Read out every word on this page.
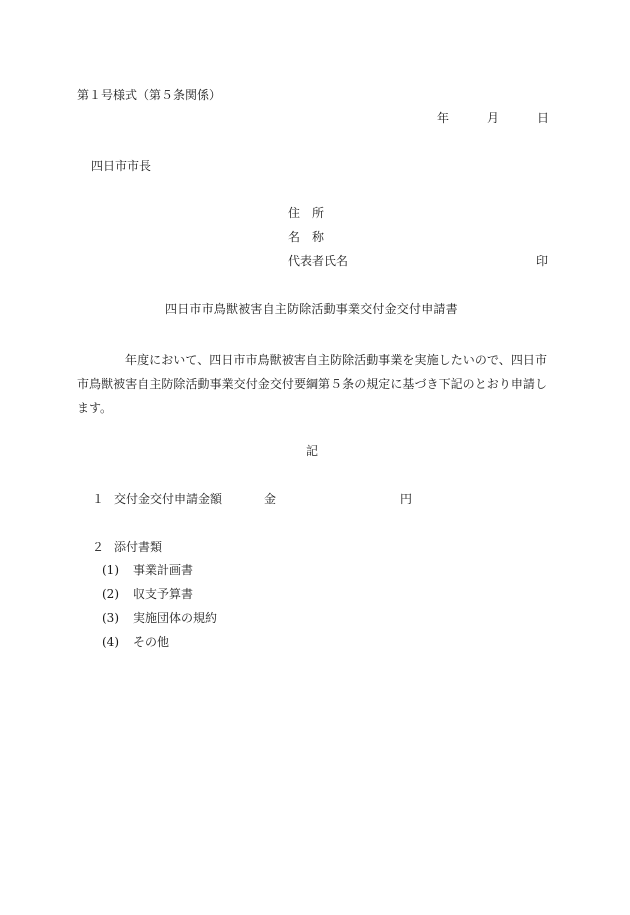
第１号様式（第５条関係）
年	月	日
四日市市長
住　所
名　称
代表者氏名	印
四日市市鳥獣被害自主防除活動事業交付金交付申請書
年度において、四日市市鳥獣被害自主防除活動事業を実施したいので、四日市市鳥獣被害自主防除活動事業交付金交付要綱第５条の規定に基づき下記のとおり申請します。
記
１ 交付金交付申請金額	金	円
２ 添付書類
(1) 事業計画書
(2) 収支予算書
(3) 実施団体の規約
(4) その他
